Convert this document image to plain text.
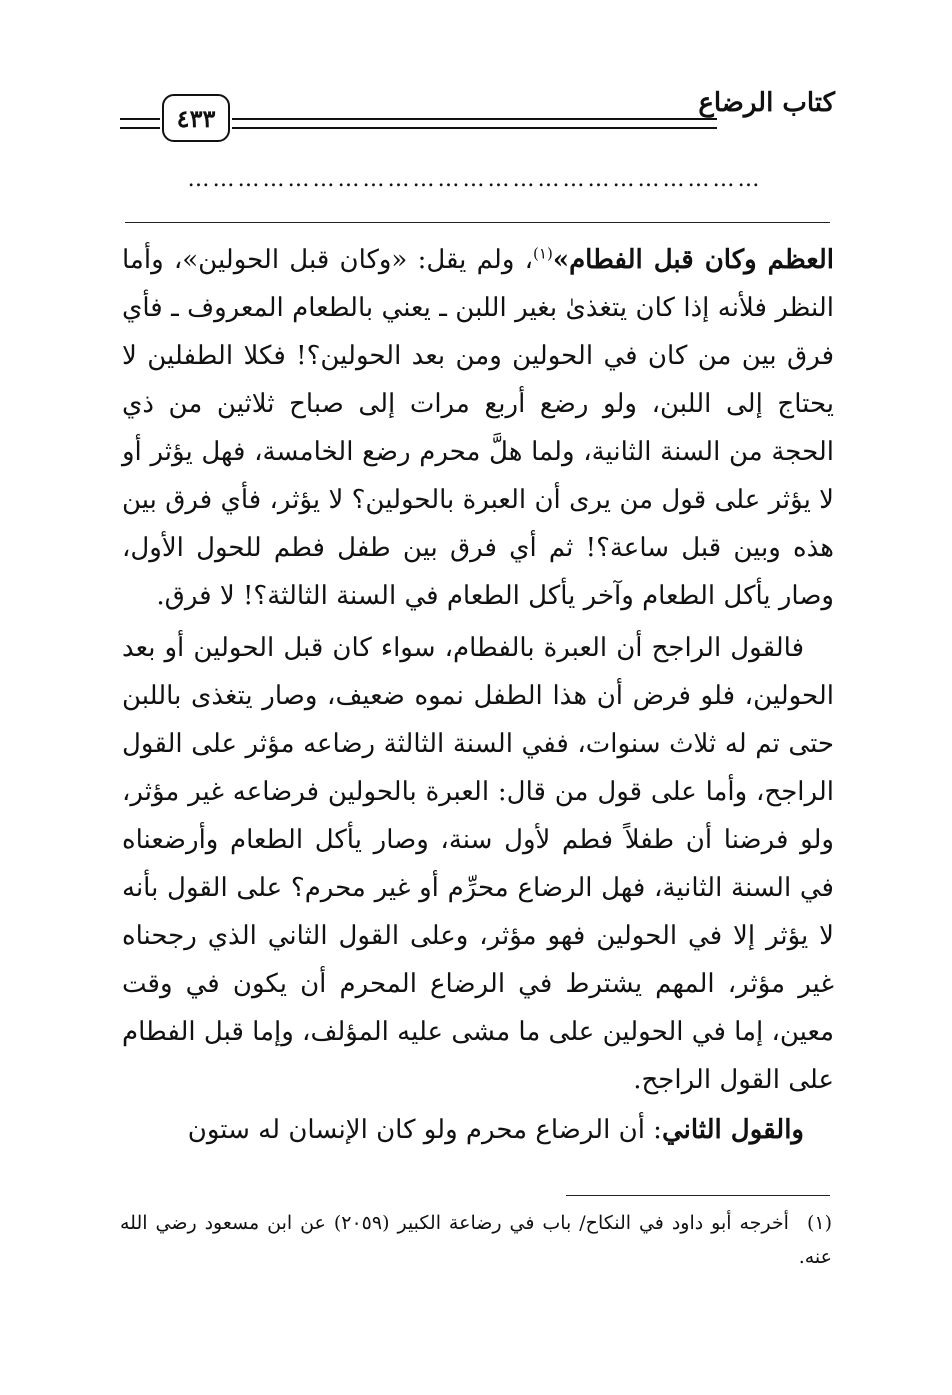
كتاب الرضاع
٤٣٣
……………………………………………………………

العظم وكان قبل الفطام»$^{(١)}$، ولم يقل: «وكان قبل الحولين»، وأما النظر فلأنه إذا كان يتغذىٰ بغير اللبن ـ يعني بالطعام المعروف ـ فأي فرق بين من كان في الحولين ومن بعد الحولين؟! فكلا الطفلين لا يحتاج إلى اللبن، ولو رضع أربع مرات إلى صباح ثلاثين من ذي الحجة من السنة الثانية، ولما هلَّ محرم رضع الخامسة، فهل يؤثر أو لا يؤثر على قول من يرى أن العبرة بالحولين؟ لا يؤثر، فأي فرق بين هذه وبين قبل ساعة؟! ثم أي فرق بين طفل فطم للحول الأول، وصار يأكل الطعام وآخر يأكل الطعام في السنة الثالثة؟! لا فرق.

فالقول الراجح أن العبرة بالفطام، سواء كان قبل الحولين أو بعد الحولين، فلو فرض أن هذا الطفل نموه ضعيف، وصار يتغذى باللبن حتى تم له ثلاث سنوات، ففي السنة الثالثة رضاعه مؤثر على القول الراجح، وأما على قول من قال: العبرة بالحولين فرضاعه غير مؤثر، ولو فرضنا أن طفلاً فطم لأول سنة، وصار يأكل الطعام وأرضعناه في السنة الثانية، فهل الرضاع محرِّم أو غير محرم؟ على القول بأنه لا يؤثر إلا في الحولين فهو مؤثر، وعلى القول الثاني الذي رجحناه غير مؤثر، المهم يشترط في الرضاع المحرم أن يكون في وقت معين، إما في الحولين على ما مشى عليه المؤلف، وإما قبل الفطام على القول الراجح.

والقول الثاني: أن الرضاع محرم ولو كان الإنسان له ستون

(١)أخرجه أبو داود في النكاح/ باب في رضاعة الكبير (٢٠٥٩) عن ابن مسعود رضي الله عنه.
